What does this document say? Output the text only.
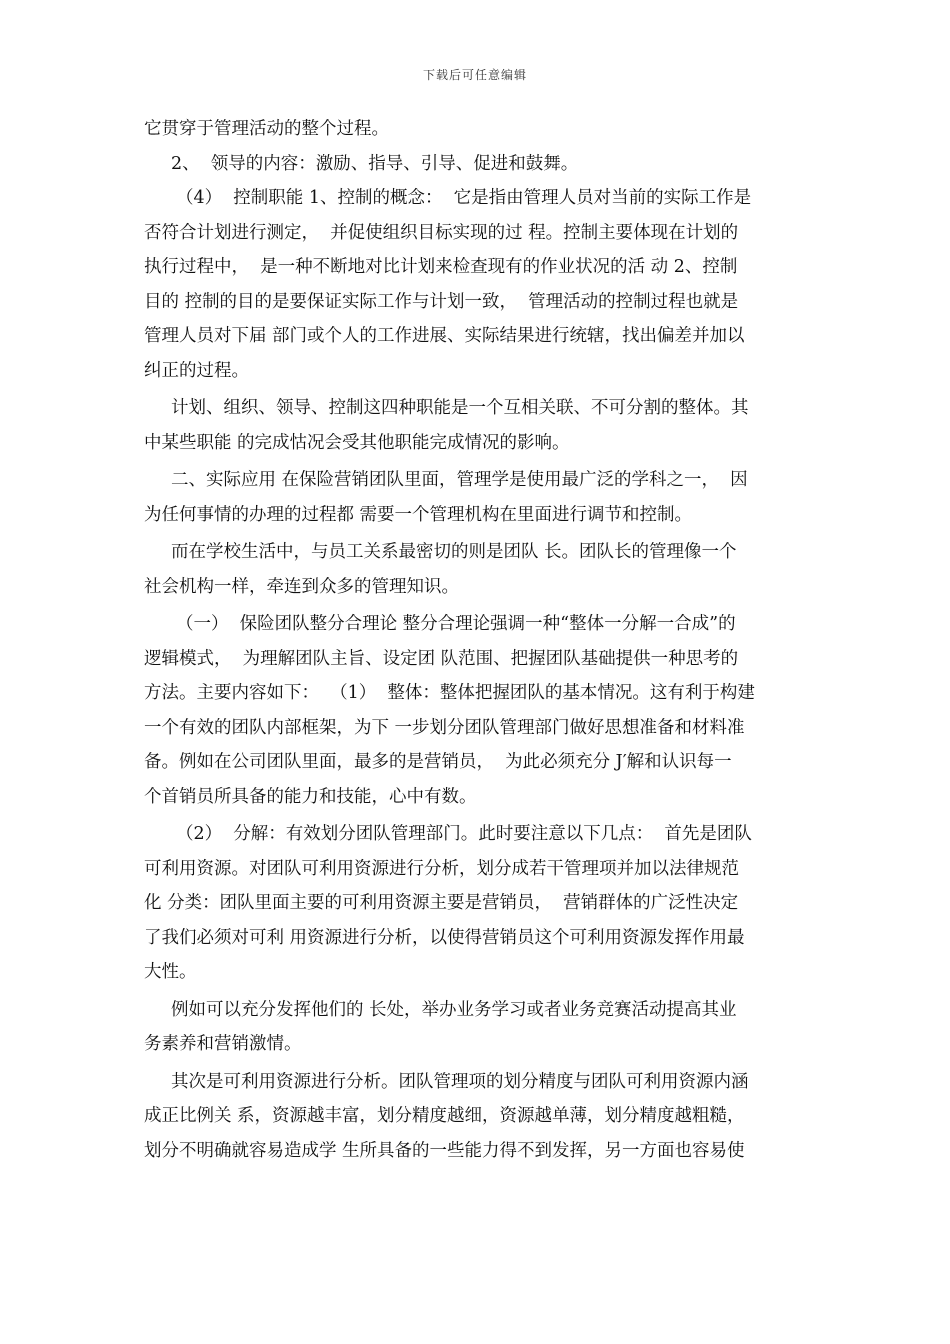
下载后可任意编辑
它贯穿于管理活动的整个过程。
2、  领导的内容：激励、指导、引导、促进和鼓舞。
（4）  控制职能 1、控制的概念：  它是指由管理人员对当前的实际工作是
否符合计划进行测定，  并促使组织目标实现的过 程。控制主要体现在计划的
执行过程中，  是一种不断地对比计划来检查现有的作业状况的活 动 2、控制
目的 控制的目的是要保证实际工作与计划一致，  管理活动的控制过程也就是
管理人员对下届 部门或个人的工作进展、实际结果进行统辖，找出偏差并加以
纠正的过程。
计划、组织、领导、控制这四种职能是一个互相关联、不可分割的整体。其
中某些职能 的完成怙况会受其他职能完成情况的影响。
二、实际应用 在保险营销团队里面，管理学是使用最广泛的学科之一，  因
为任何事情的办理的过程都 需要一个管理机构在里面进行调节和控制。
而在学校生活中，与员工关系最密切的则是团队 长。团队长的管理像一个
社会机构一样，牵连到众多的管理知识。
（一）  保险团队整分合理论 整分合理论强调一种“整体一分解一合成”的
逻辑模式，  为理解团队主旨、设定团 队范围、把握团队基础提供一种思考的
方法。主要内容如下：  （1）  整体：整体把握团队的基本情况。这有利于构建
一个有效的团队内部框架，为下 一步划分团队管理部门做好思想准备和材料准
备。例如在公司团队里面，最多的是营销员，  为此必须充分 J′解和认识每一
个首销员所具备的能力和技能，心中有数。
（2）  分解：有效划分团队管理部门。此时要注意以下几点：  首先是团队
可利用资源。对团队可利用资源进行分析，划分成若干管理项并加以法律规范
化 分类：团队里面主要的可利用资源主要是营销员，  营销群体的广泛性决定
了我们必须对可利 用资源进行分析，以使得营销员这个可利用资源发挥作用最
大性。
例如可以充分发挥他们的 长处，举办业务学习或者业务竞赛活动提高其业
务素养和营销激情。
其次是可利用资源进行分析。团队管理项的划分精度与团队可利用资源内涵
成正比例关 系，资源越丰富，划分精度越细，资源越单薄，划分精度越粗糙，
划分不明确就容易造成学 生所具备的一些能力得不到发挥，另一方面也容易使
